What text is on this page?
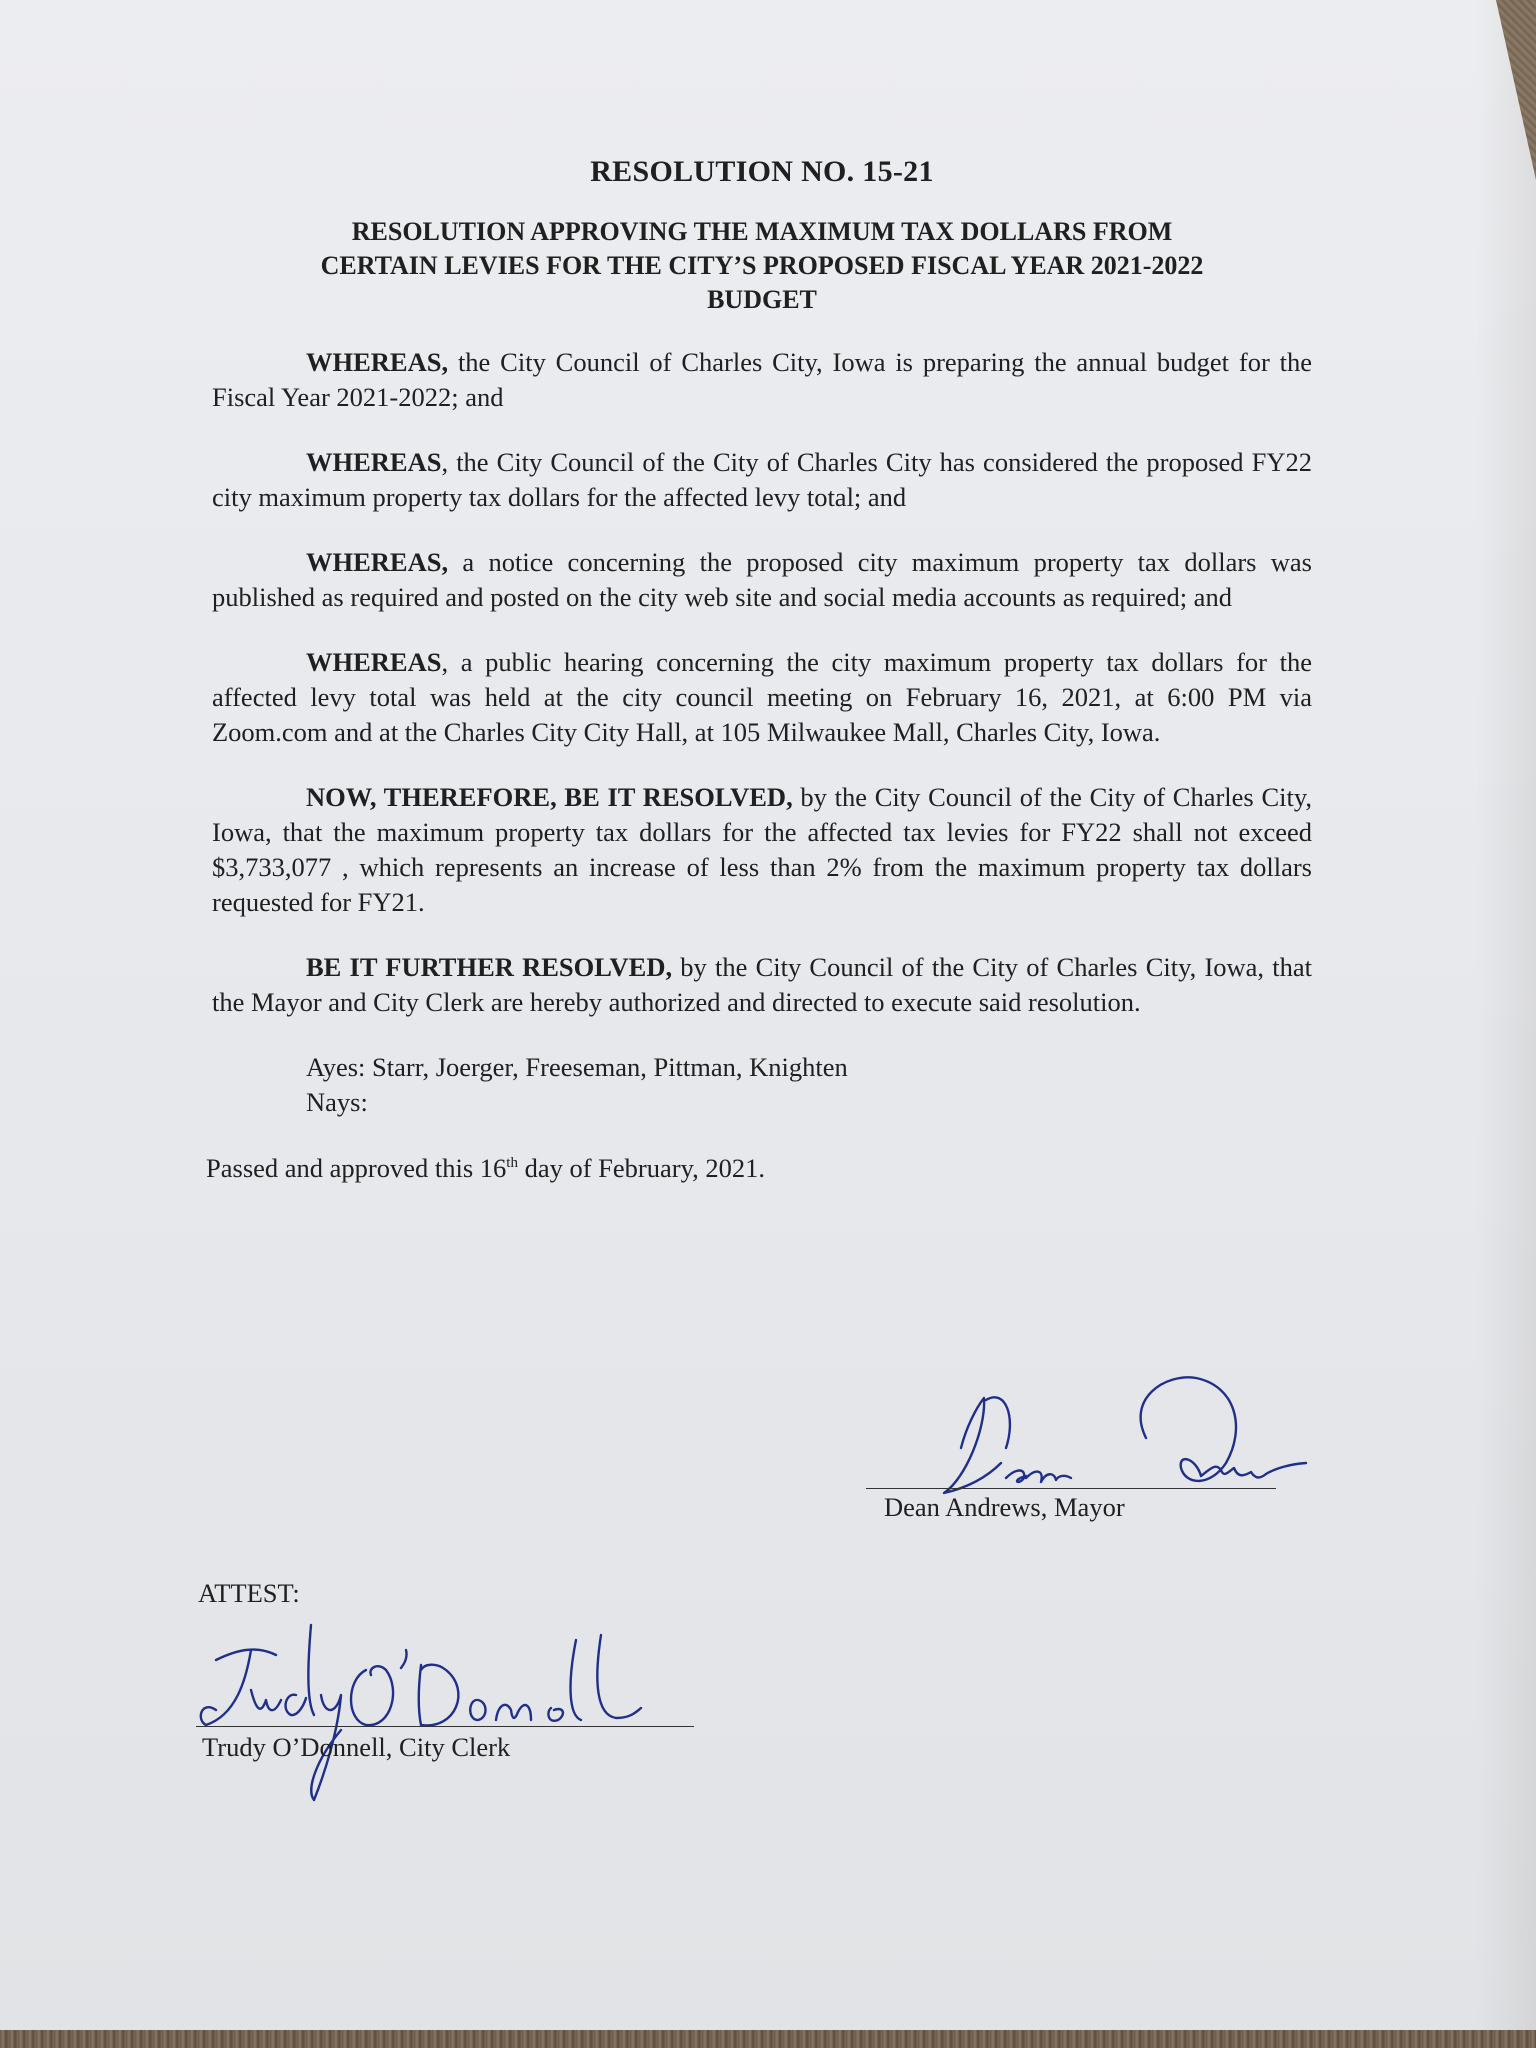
RESOLUTION NO. 15-21
RESOLUTION APPROVING THE MAXIMUM TAX DOLLARS FROM
CERTAIN LEVIES FOR THE CITY’S PROPOSED FISCAL YEAR 2021-2022
BUDGET

WHEREAS, the City Council of Charles City, Iowa is preparing the annual budget for the Fiscal Year 2021-2022; and

WHEREAS, the City Council of the City of Charles City has considered the proposed FY22 city maximum property tax dollars for the affected levy total; and

WHEREAS, a notice concerning the proposed city maximum property tax dollars was published as required and posted on the city web site and social media accounts as required; and

WHEREAS, a public hearing concerning the city maximum property tax dollars for the affected levy total was held at the city council meeting on February 16, 2021, at 6:00 PM via Zoom.com and at the Charles City City Hall, at 105 Milwaukee Mall, Charles City, Iowa.

NOW, THEREFORE, BE IT RESOLVED, by the City Council of the City of Charles City, Iowa, that the maximum property tax dollars for the affected tax levies for FY22 shall not exceed $3,733,077 , which represents an increase of less than 2% from the maximum property tax dollars requested for FY21.

BE IT FURTHER RESOLVED, by the City Council of the City of Charles City, Iowa, that the Mayor and City Clerk are hereby authorized and directed to execute said resolution.

Ayes: Starr, Joerger, Freeseman, Pittman, Knighten
Nays:
Passed and approved this 16th day of February, 2021.
Dean Andrews, Mayor
ATTEST:
Trudy O’Donnell, City Clerk
